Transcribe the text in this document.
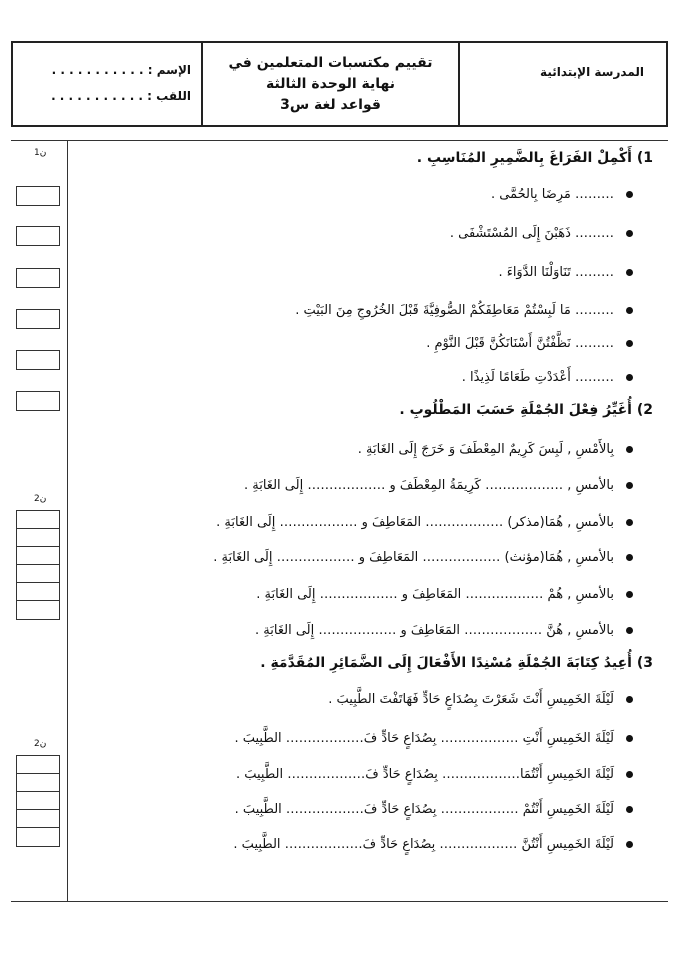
الإسم : . . . . . . . . . . .
اللقب : . . . . . . . . . . .
تقييم مكتسبات المتعلمين في
نهاية الوحدة الثالثة
قواعد لغة س3
المدرسة الإبتدائية
ن1
ن2
ن2
1) أَكْمِلْ الفَرَاغَ بِالضَّمِيرِ المُنَاسِبِ .
……… مَرِضَا بِالحُمَّى .
……… ذَهَبْنَ إِلَى المُسْتَشْفَى .
……… تَنَاوَلْنَا الدَّوَاءَ .
……… مَا لَبِسْتُمْ مَعَاطِفَكُمْ الصُّوفِيَّةَ قَبْلَ الخُرُوجِ مِنَ البَيْتِ .
……… نَظَّفْتُنَّ أَسْنَانَكُنَّ قَبْلَ النَّوْمِ .
……… أَعْدَدْتِ طَعَامًا لَذِيذًا .
2) أُغَيِّرُ فِعْلَ الجُمْلَةِ حَسَبَ المَطْلُوبِ .
بِالأَمْسِ , لَبِسَ كَرِيمٌ المِعْطَفَ وَ خَرَجَ إِلَى الغَابَةِ .
بالأمسِ , ……………… كَرِيمَةُ المِعْطَفَ و ……………… إِلَى الغَابَةِ .
بالأمسِ , هُمَا(مذكر) ……………… المَعَاطِفَ و ……………… إِلَى الغَابَةِ .
بالأمسِ , هُمَا(مؤنث) ……………… المَعَاطِفَ و ……………… إِلَى الغَابَةِ .
بالأمسِ , هُمْ ……………… المَعَاطِفَ و ……………… إِلَى الغَابَةِ .
بالأمسِ , هُنَّ ……………… المَعَاطِفَ و ……………… إِلَى الغَابَةِ .
3) أُعِيدُ كِتَابَةَ الجُمْلَةِ مُسْنِدًا الأَفْعَالَ إِلَى الضَّمَائِرِ المُقَدَّمَةِ .
لَيْلَةَ الخَمِيسِ أَنْتَ شَعَرْتَ بِصُدَاعٍ حَادٍّ فَهَاتَفْتَ الطَّبِيبَ .
لَيْلَةَ الخَمِيسِ أَنْتِ ……………… بِصُدَاعٍ حَادٍّ فَ……………… الطَّبِيبَ .
لَيْلَةَ الخَمِيسِ أَنْتُمَا……………… بِصُدَاعٍ حَادٍّ فَ……………… الطَّبِيبَ .
لَيْلَةَ الخَمِيسِ أَنْتُمْ ……………… بِصُدَاعٍ حَادٍّ فَ……………… الطَّبِيبَ .
لَيْلَةَ الخَمِيسِ أَنْتُنَّ ……………… بِصُدَاعٍ حَادٍّ فَ……………… الطَّبِيبَ .
